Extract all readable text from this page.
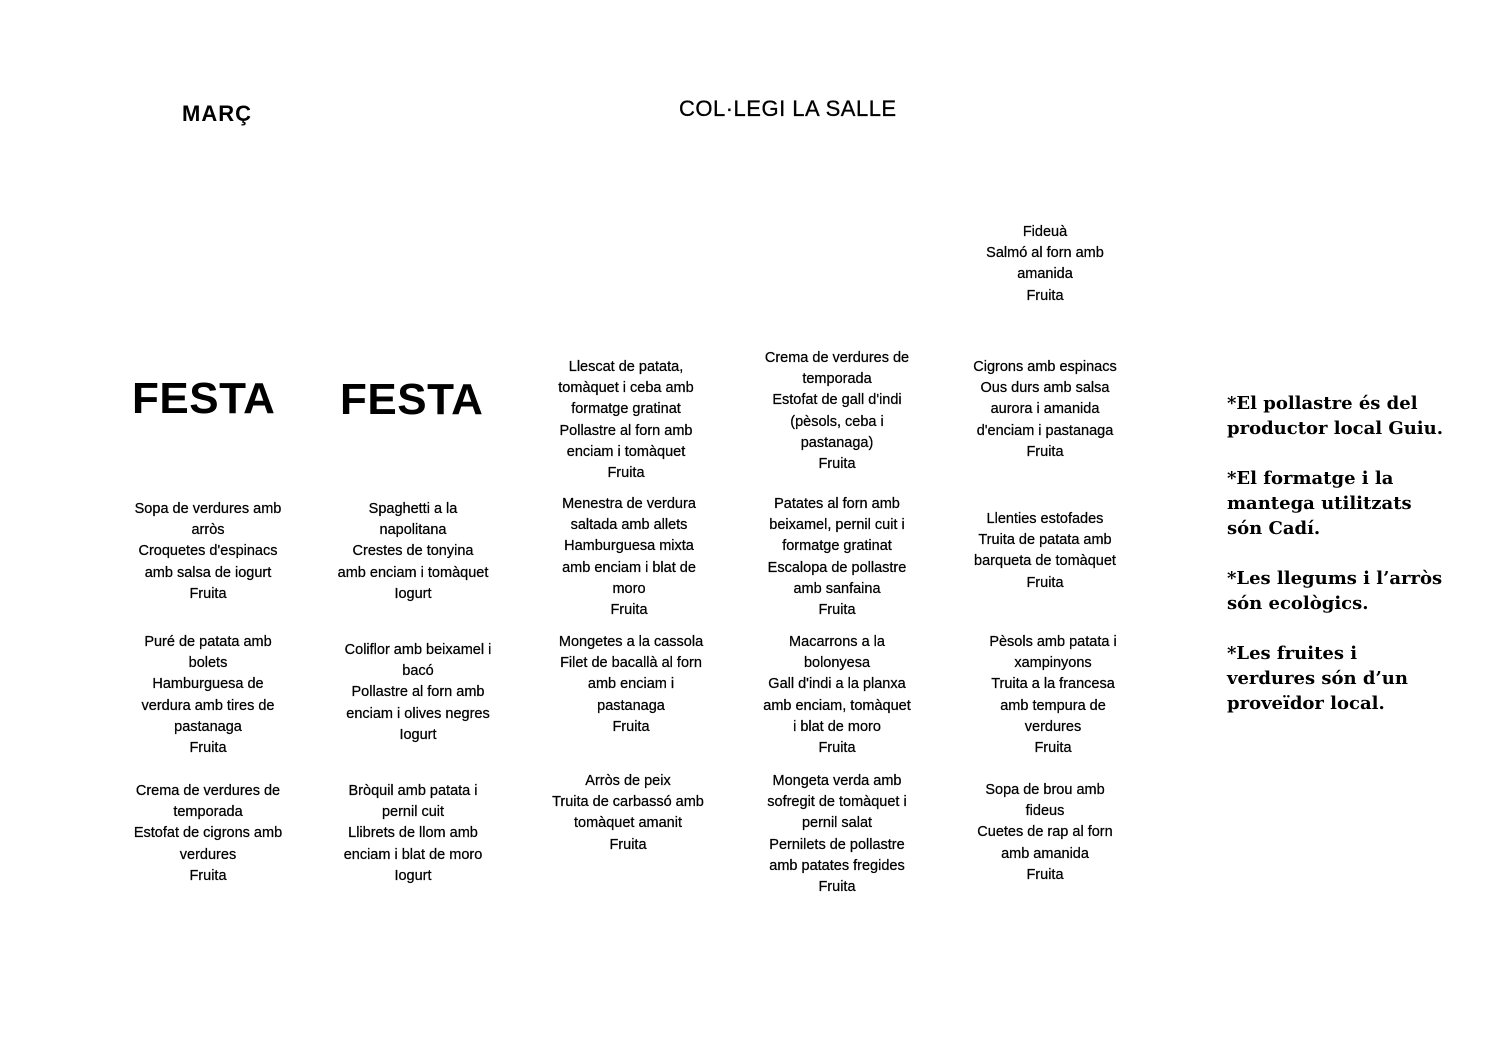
MARÇ	COL·LEGI LA SALLE
FESTA FESTA
Fideuà
Salmó al forn amb
amanida
Fruita
Llescat de patata,
tomàquet i ceba amb
formatge gratinat
Pollastre al forn amb
enciam i tomàquet
Fruita
Crema de verdures de
temporada
Estofat de gall d'indi
(pèsols, ceba i
pastanaga)
Fruita
Cigrons amb espinacs
Ous durs amb salsa
aurora i amanida
d'enciam i pastanaga
Fruita
Sopa de verdures amb
arròs
Croquetes d'espinacs
amb salsa de iogurt
Fruita
Spaghetti a la
napolitana
Crestes de tonyina
amb enciam i tomàquet
Iogurt
Menestra de verdura
saltada amb allets
Hamburguesa mixta
amb enciam i blat de
moro
Fruita
Patates al forn amb
beixamel, pernil cuit i
formatge gratinat
Escalopa de pollastre
amb sanfaina
Fruita
Llenties estofades
Truita de patata amb
barqueta de tomàquet
Fruita
Puré de patata amb
bolets
Hamburguesa de
verdura amb tires de
pastanaga
Fruita
Coliflor amb beixamel i
bacó
Pollastre al forn amb
enciam i olives negres
Iogurt
Mongetes a la cassola
Filet de bacallà al forn
amb enciam i
pastanaga
Fruita
Macarrons a la
bolonyesa
Gall d'indi a la planxa
amb enciam, tomàquet
i blat de moro
Fruita
Pèsols amb patata i
xampinyons
Truita a la francesa
amb tempura de
verdures
Fruita
Crema de verdures de
temporada
Estofat de cigrons amb
verdures
Fruita
Bròquil amb patata i
pernil cuit
Llibrets de llom amb
enciam i blat de moro
Iogurt
Arròs de peix
Truita de carbassó amb
tomàquet amanit
Fruita
Mongeta verda amb
sofregit de tomàquet i
pernil salat
Pernilets de pollastre
amb patates fregides
Fruita
Sopa de brou amb
fideus
Cuetes de rap al forn
amb amanida
Fruita
*El pollastre és del
productor local Guiu.
*El formatge i la
mantega utilitzats
són Cadí.
*Les llegums i l’arròs
són ecològics.
*Les fruites i
verdures són d’un
proveïdor local.
